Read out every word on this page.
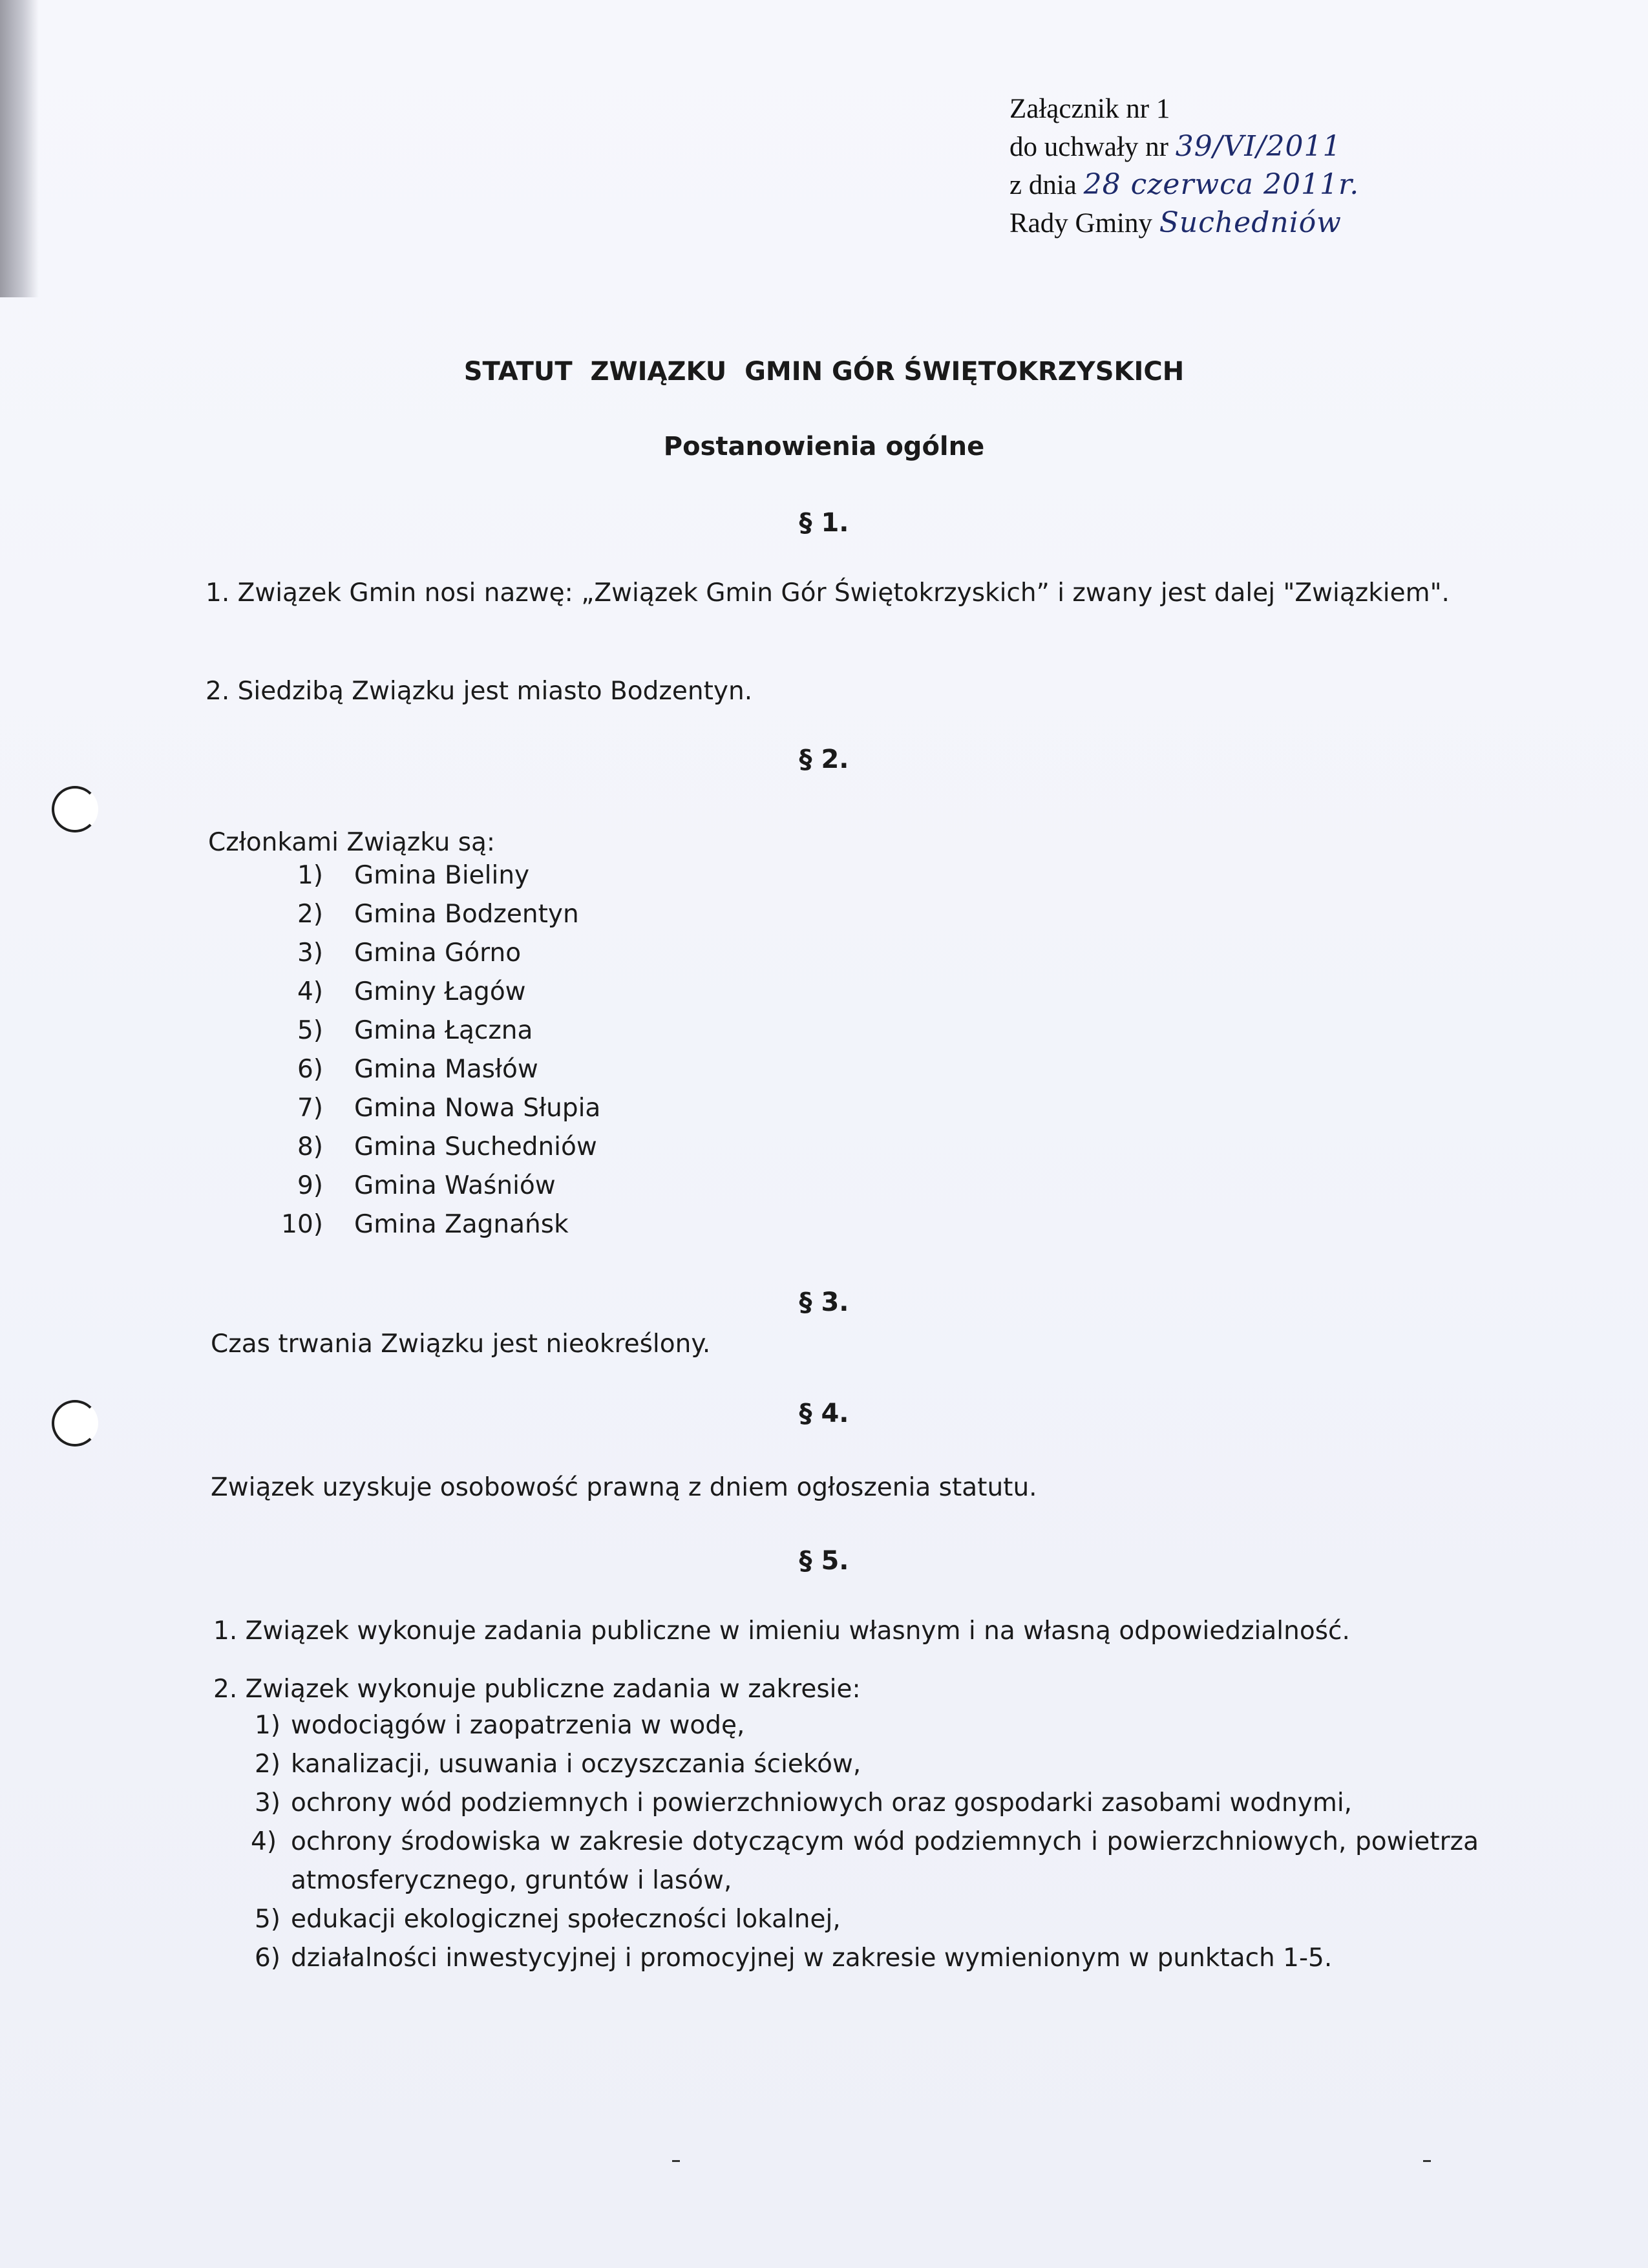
Załącznik nr 1
do uchwały nr 39/VI/2011
z dnia 28 czerwca 2011r.
Rady Gminy Suchedniów
STATUT  ZWIĄZKU  GMIN GÓR ŚWIĘTOKRZYSKICH
Postanowienia ogólne
§ 1.
1. Związek Gmin nosi nazwę: „Związek Gmin Gór Świętokrzyskich” i zwany jest dalej "Związkiem".
2. Siedzibą Związku jest miasto Bodzentyn.
§ 2.
Członkami Związku są:
1) Gmina Bieliny
2) Gmina Bodzentyn
3) Gmina Górno
4) Gminy Łagów
5) Gmina Łączna
6) Gmina Masłów
7) Gmina Nowa Słupia
8) Gmina Suchedniów
9) Gmina Waśniów
10) Gmina Zagnańsk
§ 3.
Czas trwania Związku jest nieokreślony.
§ 4.
Związek uzyskuje osobowość prawną z dniem ogłoszenia statutu.
§ 5.
1. Związek wykonuje zadania publiczne w imieniu własnym i na własną odpowiedzialność.
2. Związek wykonuje publiczne zadania w zakresie:
1) wodociągów i zaopatrzenia w wodę,
2) kanalizacji, usuwania i oczyszczania ścieków,
3) ochrony wód podziemnych i powierzchniowych oraz gospodarki zasobami wodnymi,
4) ochrony środowiska w zakresie dotyczącym wód podziemnych i powierzchniowych, powietrza atmosferycznego, gruntów i lasów,
5) edukacji ekologicznej społeczności lokalnej,
6) działalności inwestycyjnej i promocyjnej w zakresie wymienionym w punktach 1-5.
